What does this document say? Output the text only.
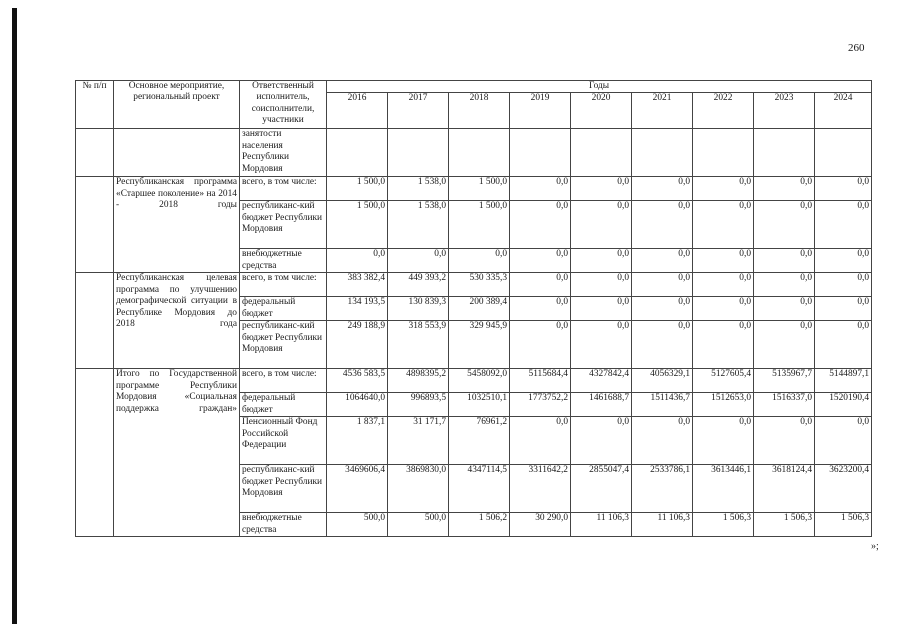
260
№ п/п	Основное мероприятие, региональный проект	Ответственный исполнитель, соисполнители, участники	Годы								
			2016	2017	2018	2019	2020	2021	2022	2023	2024
		занятости населения Республики Мордовия									
	Республиканская программа «Старшее поколение» на 2014 - 2018 годы	всего, в том числе:	1 500,0	1 538,0	1 500,0	0,0	0,0	0,0	0,0	0,0	0,0
		республиканс-кий бюджет Республики Мордовия	1 500,0	1 538,0	1 500,0	0,0	0,0	0,0	0,0	0,0	0,0
		внебюджетные средства	0,0	0,0	0,0	0,0	0,0	0,0	0,0	0,0	0,0
	Республиканская целевая программа по улучшению демографической ситуации в Республике Мордовия до 2018 года	всего, в том числе:	383 382,4	449 393,2	530 335,3	0,0	0,0	0,0	0,0	0,0	0,0
		федеральный бюджет	134 193,5	130 839,3	200 389,4	0,0	0,0	0,0	0,0	0,0	0,0
		республиканс-кий бюджет Республики Мордовия	249 188,9	318 553,9	329 945,9	0,0	0,0	0,0	0,0	0,0	0,0
	Итого по Государственной программе Республики Мордовия «Социальная поддержка граждан»	всего, в том числе:	4536 583,5	4898395,2	5458092,0	5115684,4	4327842,4	4056329,1	5127605,4	5135967,7	5144897,1
		федеральный бюджет	1064640,0	996893,5	1032510,1	1773752,2	1461688,7	1511436,7	1512653,0	1516337,0	1520190,4
		Пенсионный Фонд Российской Федерации	1 837,1	31 171,7	76961,2	0,0	0,0	0,0	0,0	0,0	0,0
		республиканс-кий бюджет Республики Мордовия	3469606,4	3869830,0	4347114,5	3311642,2	2855047,4	2533786,1	3613446,1	3618124,4	3623200,4
		внебюджетные средства	500,0	500,0	1 506,2	30 290,0	11 106,3	11 106,3	1 506,3	1 506,3	1 506,3
»;
